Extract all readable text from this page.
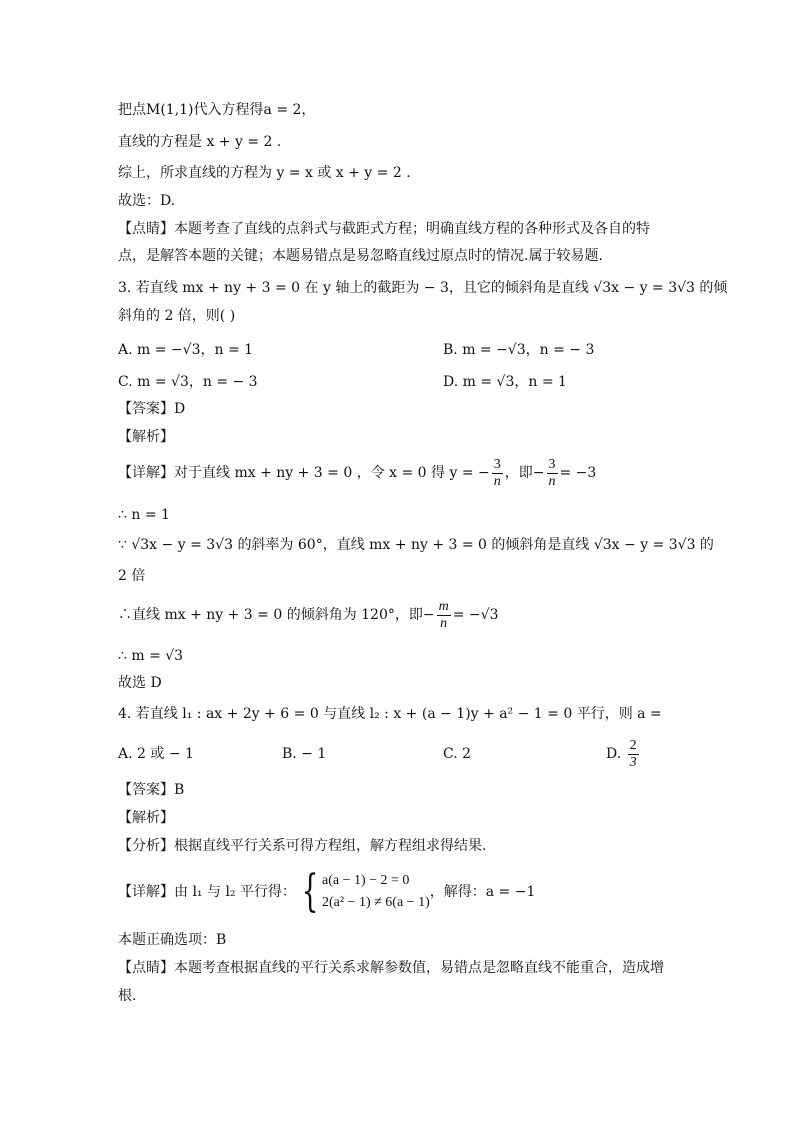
把点M(1,1)代入方程得a = 2，
直线的方程是 x + y = 2 .
综上，所求直线的方程为 y = x 或 x + y = 2 .
故选：D.
【点睛】本题考查了直线的点斜式与截距式方程；明确直线方程的各种形式及各自的特
点，是解答本题的关键；本题易错点是易忽略直线过原点时的情况.属于较易题.
3. 若直线 mx + ny + 3 = 0 在 y 轴上的截距为 − 3，且它的倾斜角是直线 √3x − y = 3√3 的倾
斜角的 2 倍，则( )
A. m = −√3，n = 1	B. m = −√3，n = − 3
C. m = √3，n = − 3	D. m = √3，n = 1
【答案】D
【解析】
【详解】对于直线 mx + ny + 3 = 0 ，令 x = 0 得 y = − $\frac{3}{n}$ ，即− $\frac{3}{n} = -3$
∴ n = 1
∵ √3x − y = 3√3 的斜率为 60°，直线 mx + ny + 3 = 0 的倾斜角是直线 √3x − y = 3√3 的
2 倍
∴直线 mx + ny + 3 = 0 的倾斜角为 120°，即− $\frac{m}{n} = -√3$
∴ m = √3
故选 D
4. 若直线 l₁ : ax + 2y + 6 = 0 与直线 l₂ : x + (a − 1)y + a² − 1 = 0 平行，则 a =
A. 2 或 − 1	B. − 1	C. 2	D. $\frac{2}{3}$
【答案】B
【解析】
【分析】根据直线平行关系可得方程组，解方程组求得结果.
【详解】由 l₁ 与 l₂ 平行得： { a(a − 1) − 2 = 0
2(a² − 1) ≠ 6(a − 1)
，解得：a = −1
本题正确选项：B
【点睛】本题考查根据直线的平行关系求解参数值，易错点是忽略直线不能重合，造成增
根.
